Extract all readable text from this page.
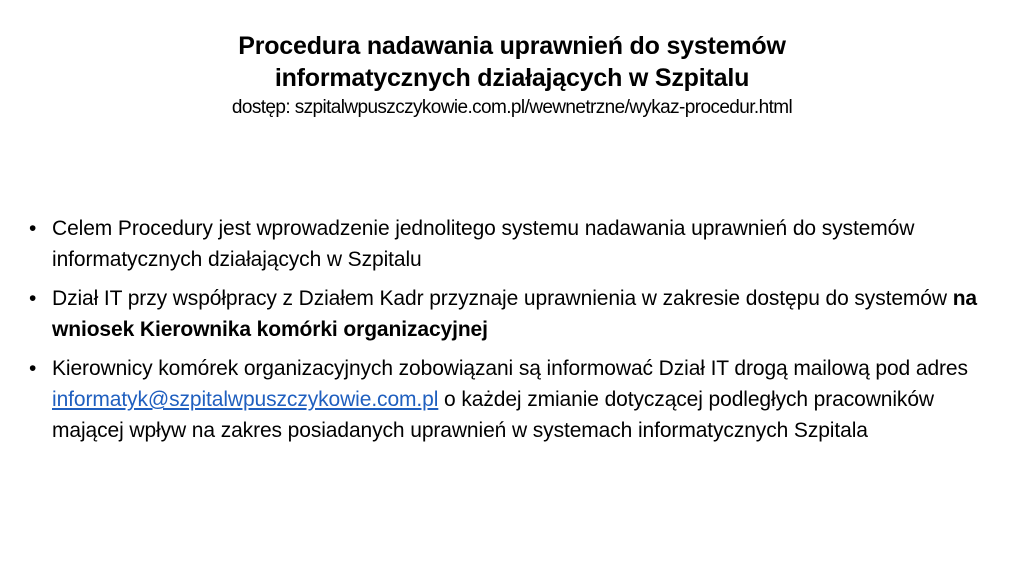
Procedura nadawania uprawnień do systemów
informatycznych działających w Szpitalu
dostęp: szpitalwpuszczykowie.com.pl/wewnetrzne/wykaz-procedur.html
• Celem Procedury jest wprowadzenie jednolitego systemu nadawania uprawnień do systemów informatycznych działających w Szpitalu
• Dział IT przy współpracy z Działem Kadr przyznaje uprawnienia w zakresie dostępu do systemów na wniosek Kierownika komórki organizacyjnej
• Kierownicy komórek organizacyjnych zobowiązani są informować Dział IT drogą mailową pod adres informatyk@szpitalwpuszczykowie.com.pl o każdej zmianie dotyczącej podległych pracowników mającej wpływ na zakres posiadanych uprawnień w systemach informatycznych Szpitala
